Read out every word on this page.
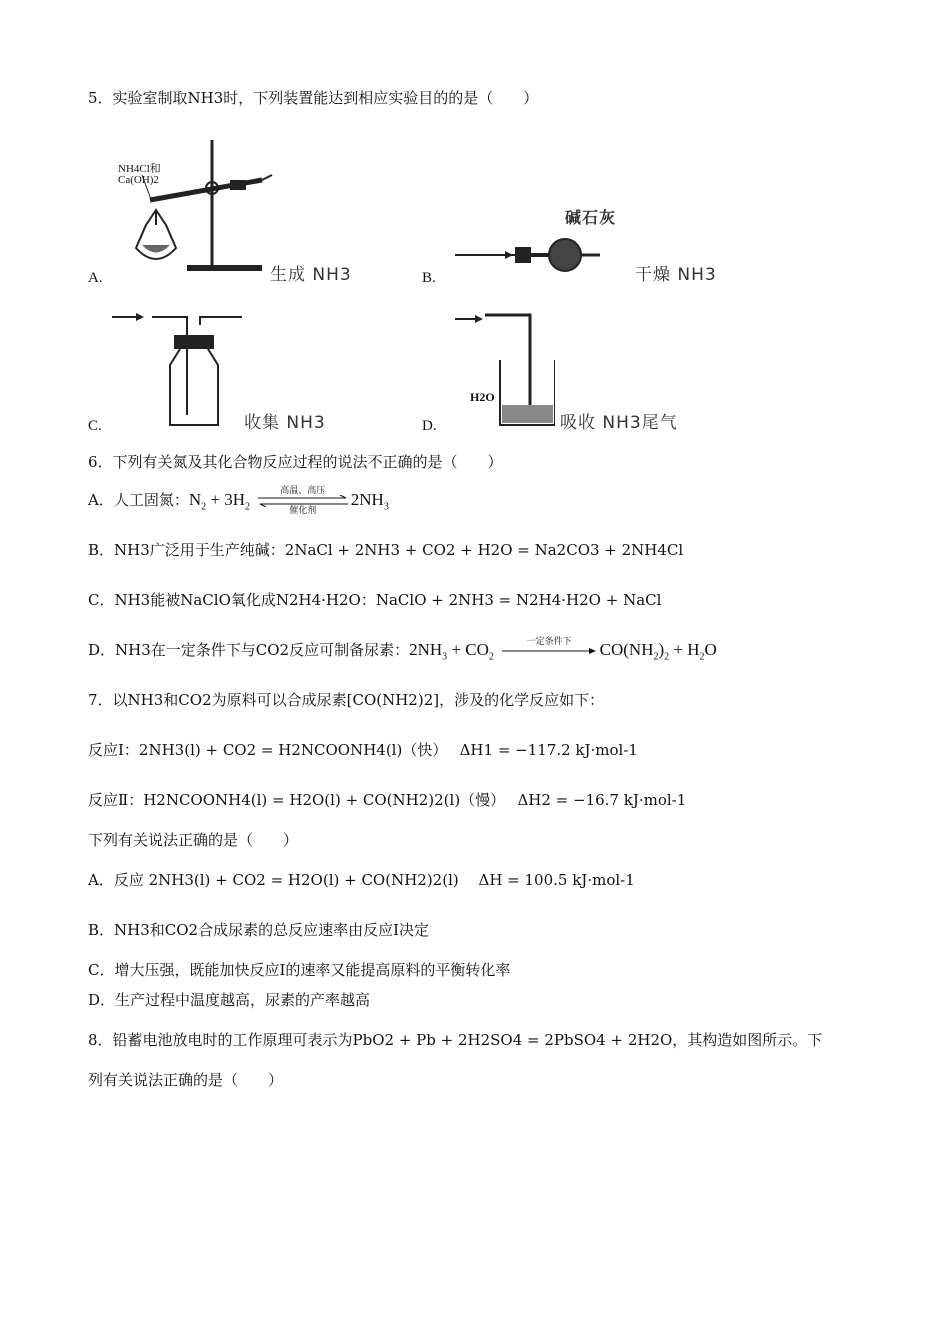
5．实验室制取NH3时，下列装置能达到相应实验目的的是（　　）
NH4Cl和
Ca(OH)2
A.	生成 NH3
碱石灰
B.	干燥 NH3
C.	收集 NH3
H2O
D.	吸收 NH3尾气
6．下列有关氮及其化合物反应过程的说法不正确的是（　　）
A．人工固氮：$N_2 + 3H_2$
高温、高压
催化剂
$2NH_3$
B．NH3广泛用于生产纯碱：2NaCl + 2NH3 + CO2 + H2O = Na2CO3 + 2NH4Cl
C．NH3能被NaClO氧化成N2H4·H2O：NaClO + 2NH3 = N2H4·H2O + NaCl
D．NH3在一定条件下与CO2反应可制备尿素：$2NH_3 + CO_2$
一定条件下	$CO(NH_2)_2 + H_2O$
7．以NH3和CO2为原料可以合成尿素[CO(NH2)2]，涉及的化学反应如下：
反应Ⅰ：2NH3(l) + CO2 = H2NCOONH4(l)（快）　 ΔH1 = −117.2 kJ·mol-1
反应Ⅱ：H2NCOONH4(l) = H2O(l) + CO(NH2)2(l)（慢）　 ΔH2 = −16.7 kJ·mol-1
下列有关说法正确的是（　　）
A．反应 2NH3(l) + CO2 = H2O(l) + CO(NH2)2(l)　 ΔH = 100.5 kJ·mol-1
B．NH3和CO2合成尿素的总反应速率由反应Ⅰ决定
C．增大压强，既能加快反应Ⅰ的速率又能提高原料的平衡转化率
D．生产过程中温度越高，尿素的产率越高
8．铅蓄电池放电时的工作原理可表示为PbO2 + Pb + 2H2SO4 = 2PbSO4 + 2H2O，其构造如图所示。下
列有关说法正确的是（　　）
